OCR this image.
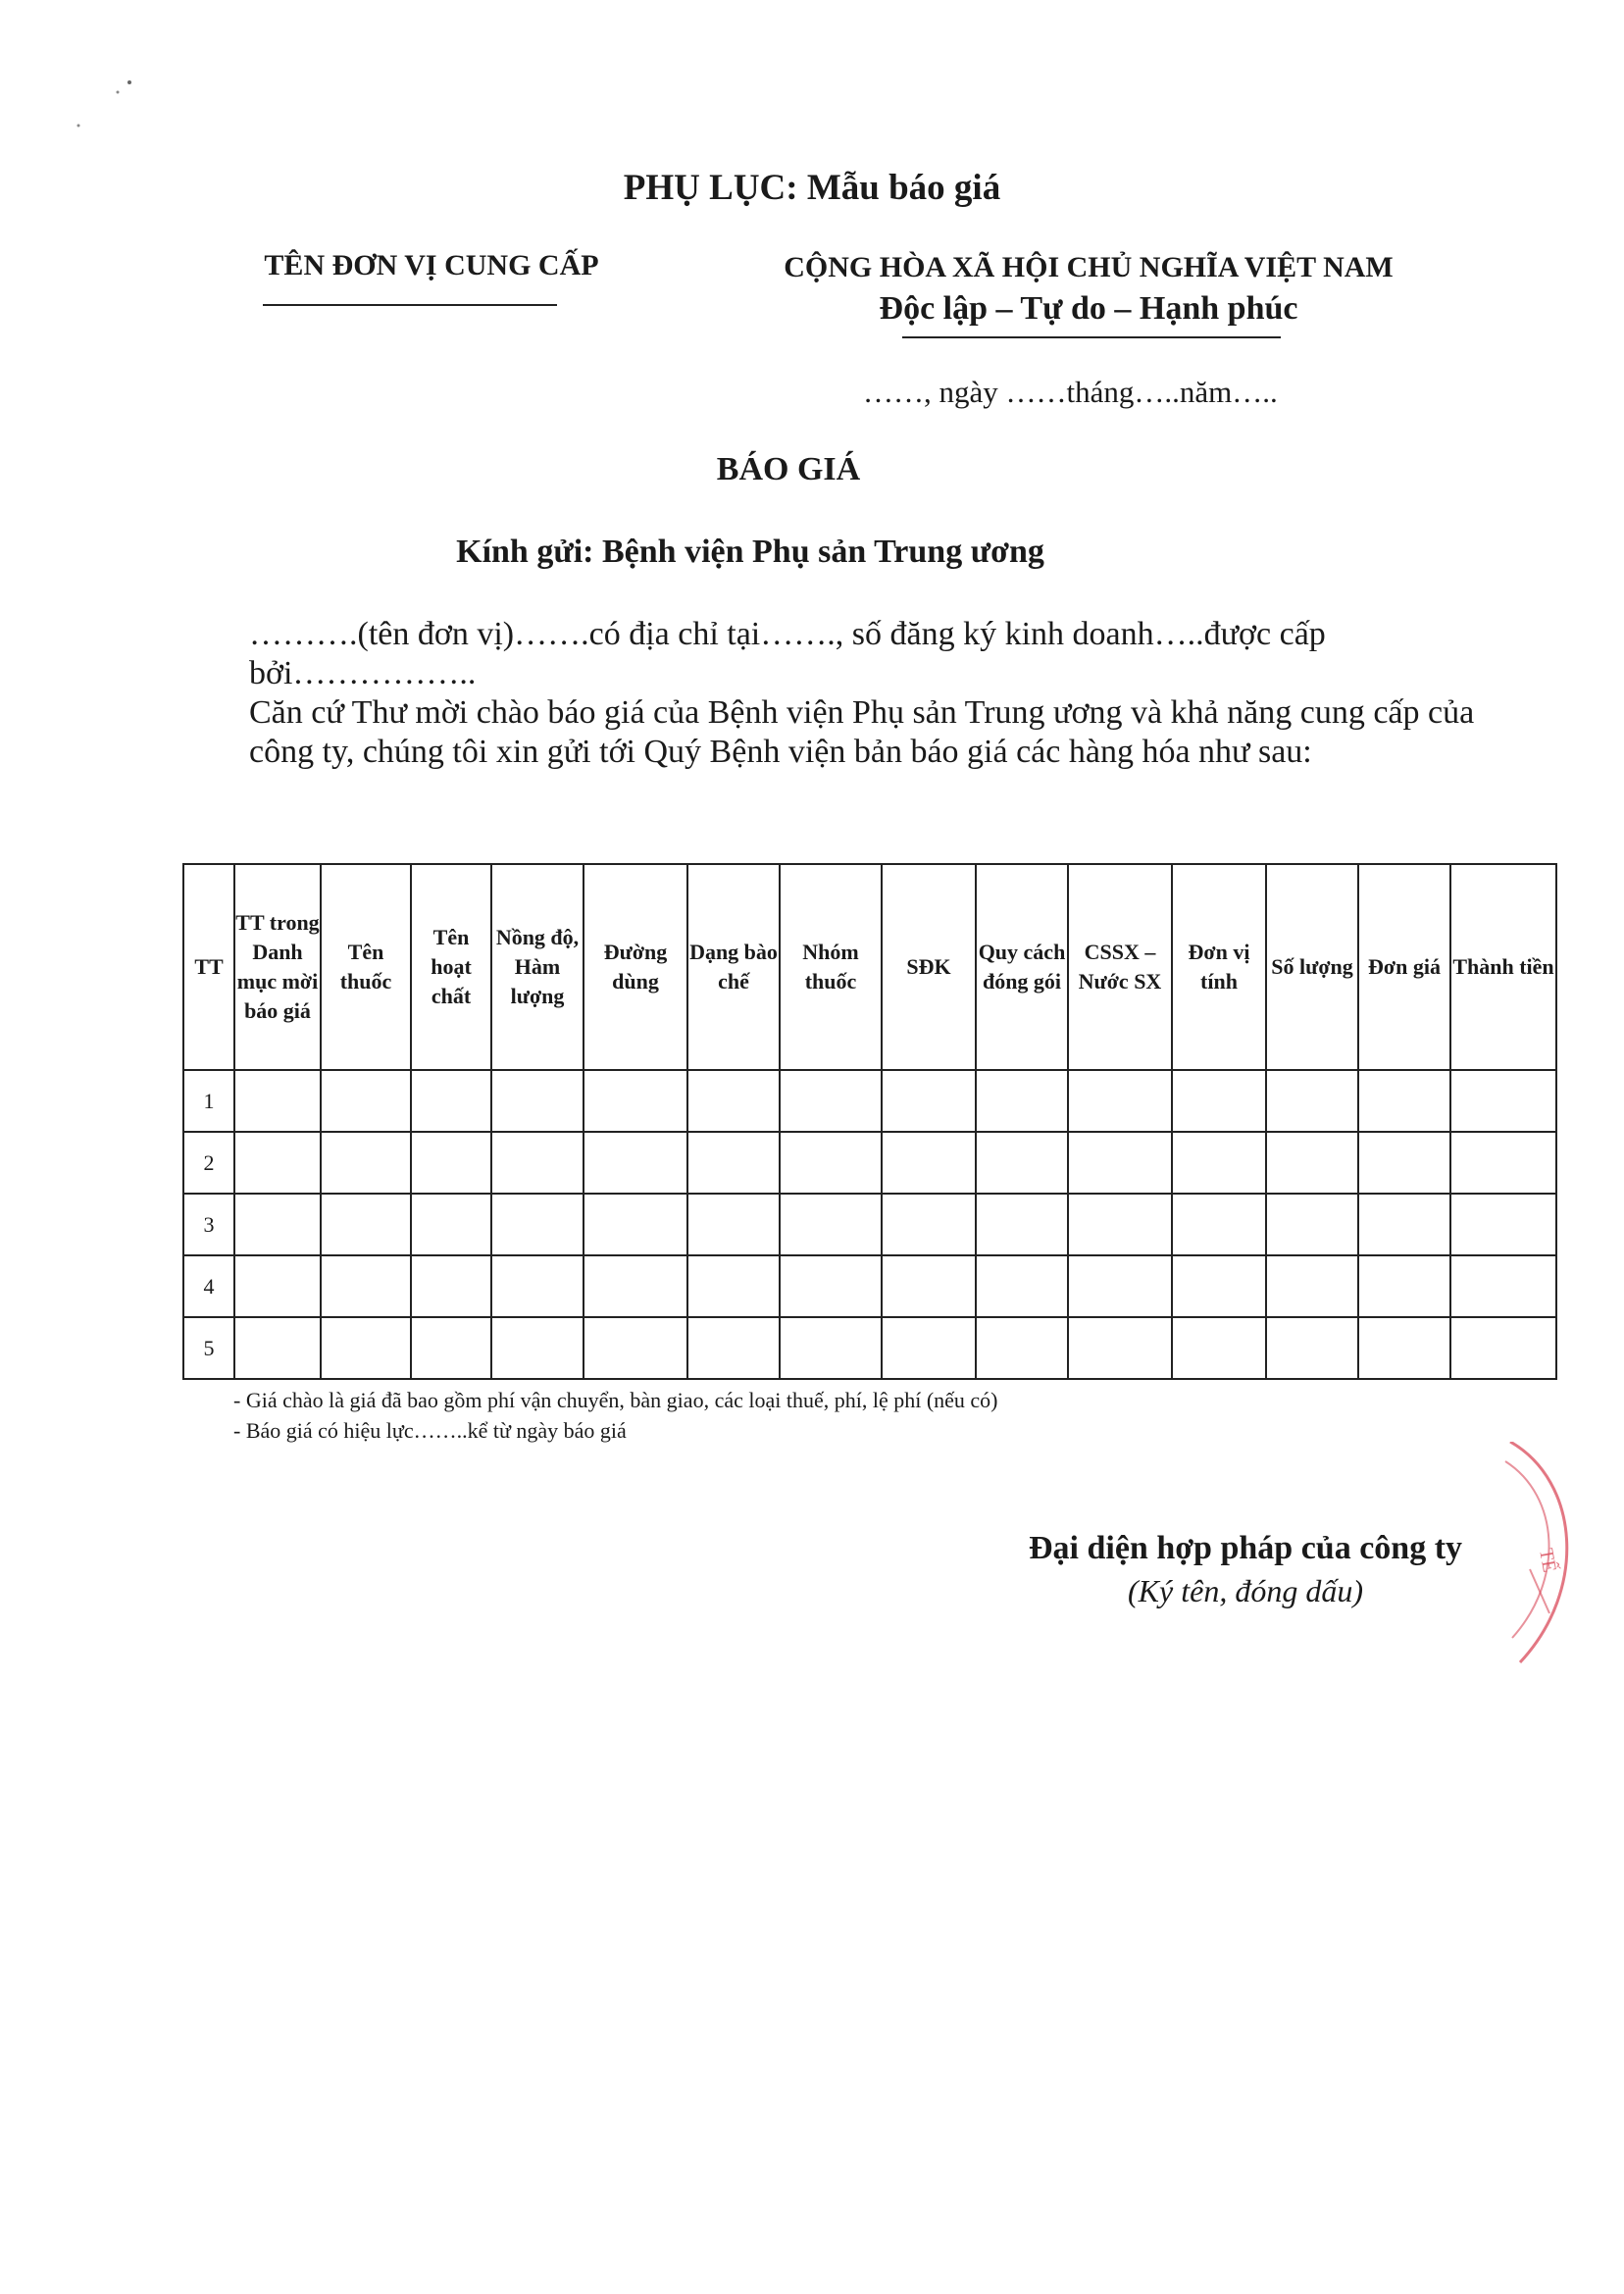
PHỤ LỤC: Mẫu báo giá
TÊN ĐƠN VỊ CUNG CẤP	CỘNG HÒA XÃ HỘI CHỦ NGHĨA VIỆT NAM
Độc lập – Tự do – Hạnh phúc
……, ngày ……tháng…..năm…..
BÁO GIÁ
Kính gửi: Bệnh viện Phụ sản Trung ương

……….(tên đơn vị)…….có địa chỉ tại……., số đăng ký kinh doanh…..được cấp bởi……………..

Căn cứ Thư mời chào báo giá của Bệnh viện Phụ sản Trung ương và khả năng cung cấp của công ty, chúng tôi xin gửi tới Quý Bệnh viện bản báo giá các hàng hóa như sau:

TT	TT trong Danh mục mời báo giá	Tên thuốc	Tên hoạt chất	Nồng độ, Hàm lượng	Đường dùng	Dạng bào chế	Nhóm thuốc	SĐK	Quy cách đóng gói	CSSX – Nước SX	Đơn vị tính	Số lượng	Đơn giá	Thành tiền
1														
2														
3														
4														
5														
- Giá chào là giá đã bao gồm phí vận chuyển, bàn giao, các loại thuế, phí, lệ phí (nếu có)
- Báo giá có hiệu lực……..kể từ ngày báo giá
Đại diện hợp pháp của công ty
(Ký tên, đóng dấu)
TẾ
